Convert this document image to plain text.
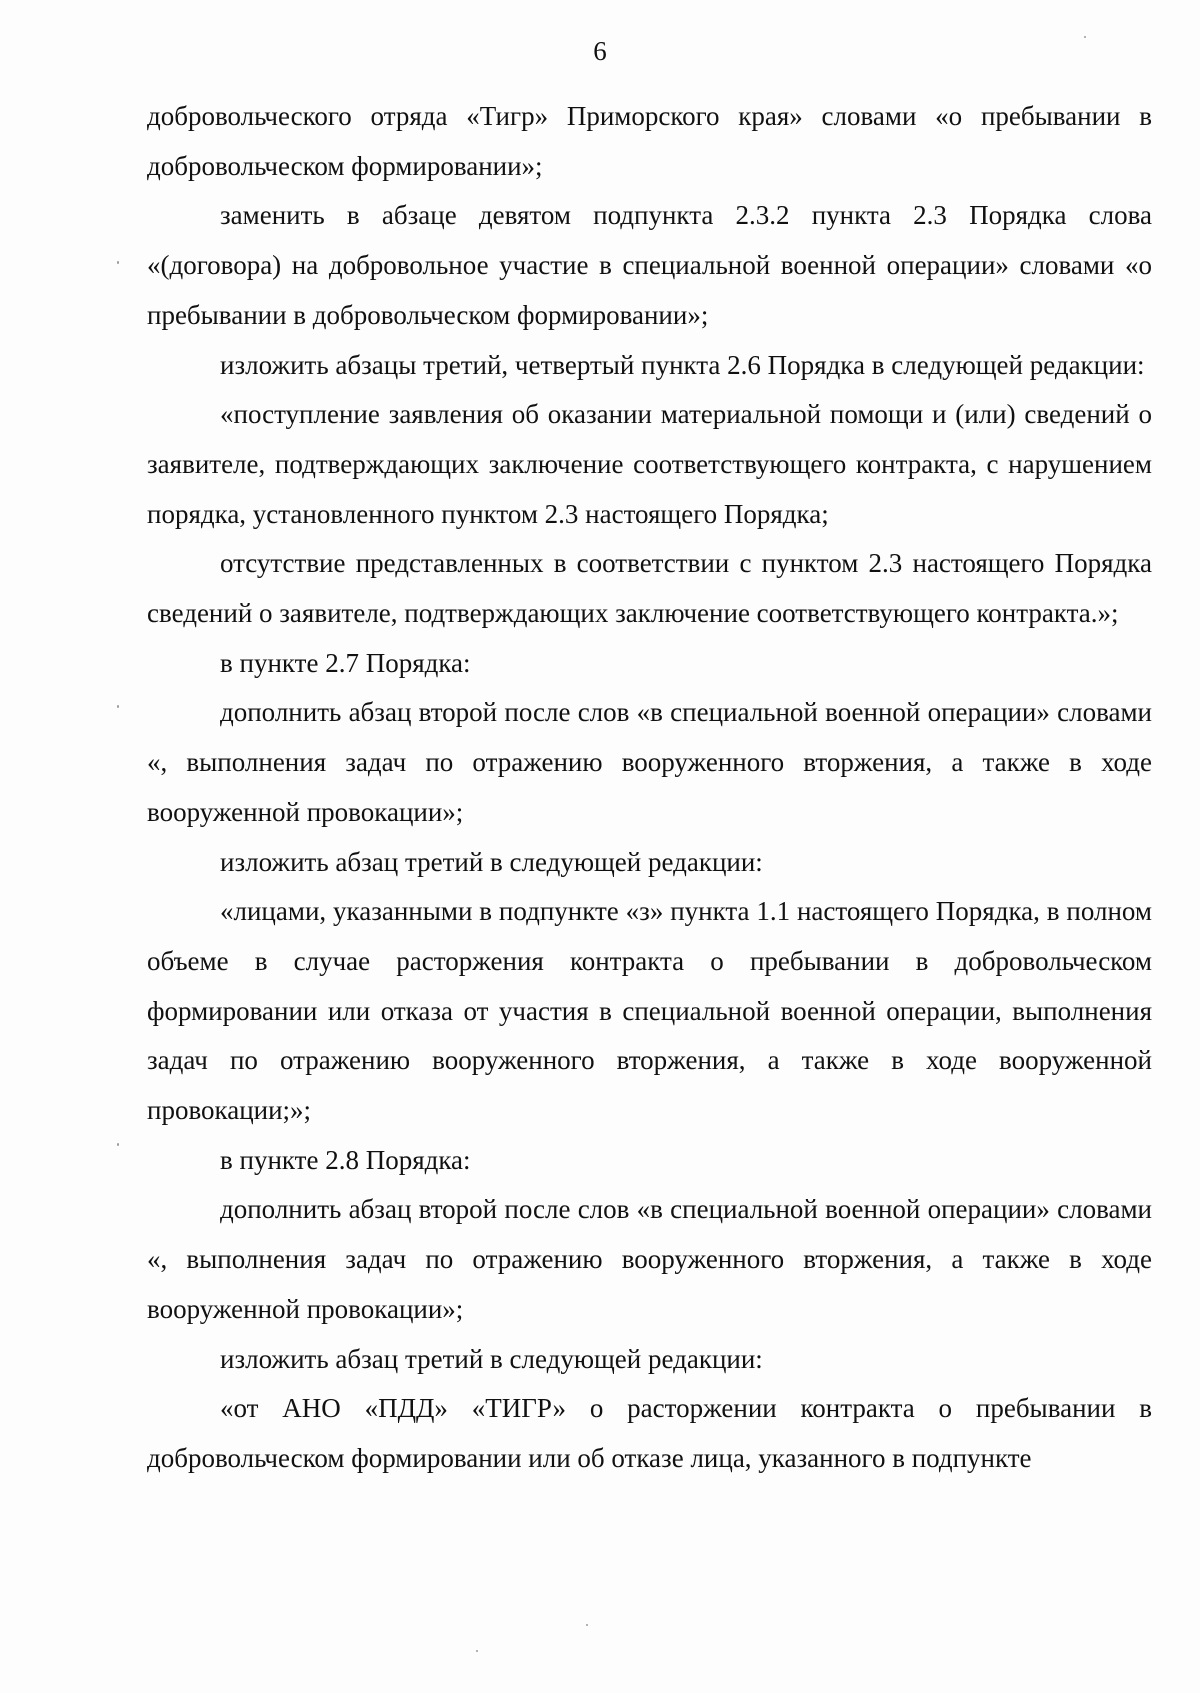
6

добровольческого отряда «Тигр» Приморского края» словами «о пребывании в добровольческом формировании»;

заменить в абзаце девятом подпункта 2.3.2 пункта 2.3 Порядка слова «(договора) на добровольное участие в специальной военной операции» словами «о пребывании в добровольческом формировании»;

изложить абзацы третий, четвертый пункта 2.6 Порядка в следующей редакции:

«поступление заявления об оказании материальной помощи и (или) сведений о заявителе, подтверждающих заключение соответствующего контракта, с нарушением порядка, установленного пунктом 2.3 настоящего Порядка;

отсутствие представленных в соответствии с пунктом 2.3 настоящего Порядка сведений о заявителе, подтверждающих заключение соответствующего контракта.»;

в пункте 2.7 Порядка:

дополнить абзац второй после слов «в специальной военной операции» словами «, выполнения задач по отражению вооруженного вторжения, а также в ходе вооруженной провокации»;

изложить абзац третий в следующей редакции:

«лицами, указанными в подпункте «з» пункта 1.1 настоящего Порядка, в полном объеме в случае расторжения контракта о пребывании в добровольческом формировании или отказа от участия в специальной военной операции, выполнения задач по отражению вооруженного вторжения, а также в ходе вооруженной провокации;»;

в пункте 2.8 Порядка:

дополнить абзац второй после слов «в специальной военной операции» словами «, выполнения задач по отражению вооруженного вторжения, а также в ходе вооруженной провокации»;

изложить абзац третий в следующей редакции:

«от АНО «ПДД» «ТИГР» о расторжении контракта о пребывании в добровольческом формировании или об отказе лица, указанного в подпункте
